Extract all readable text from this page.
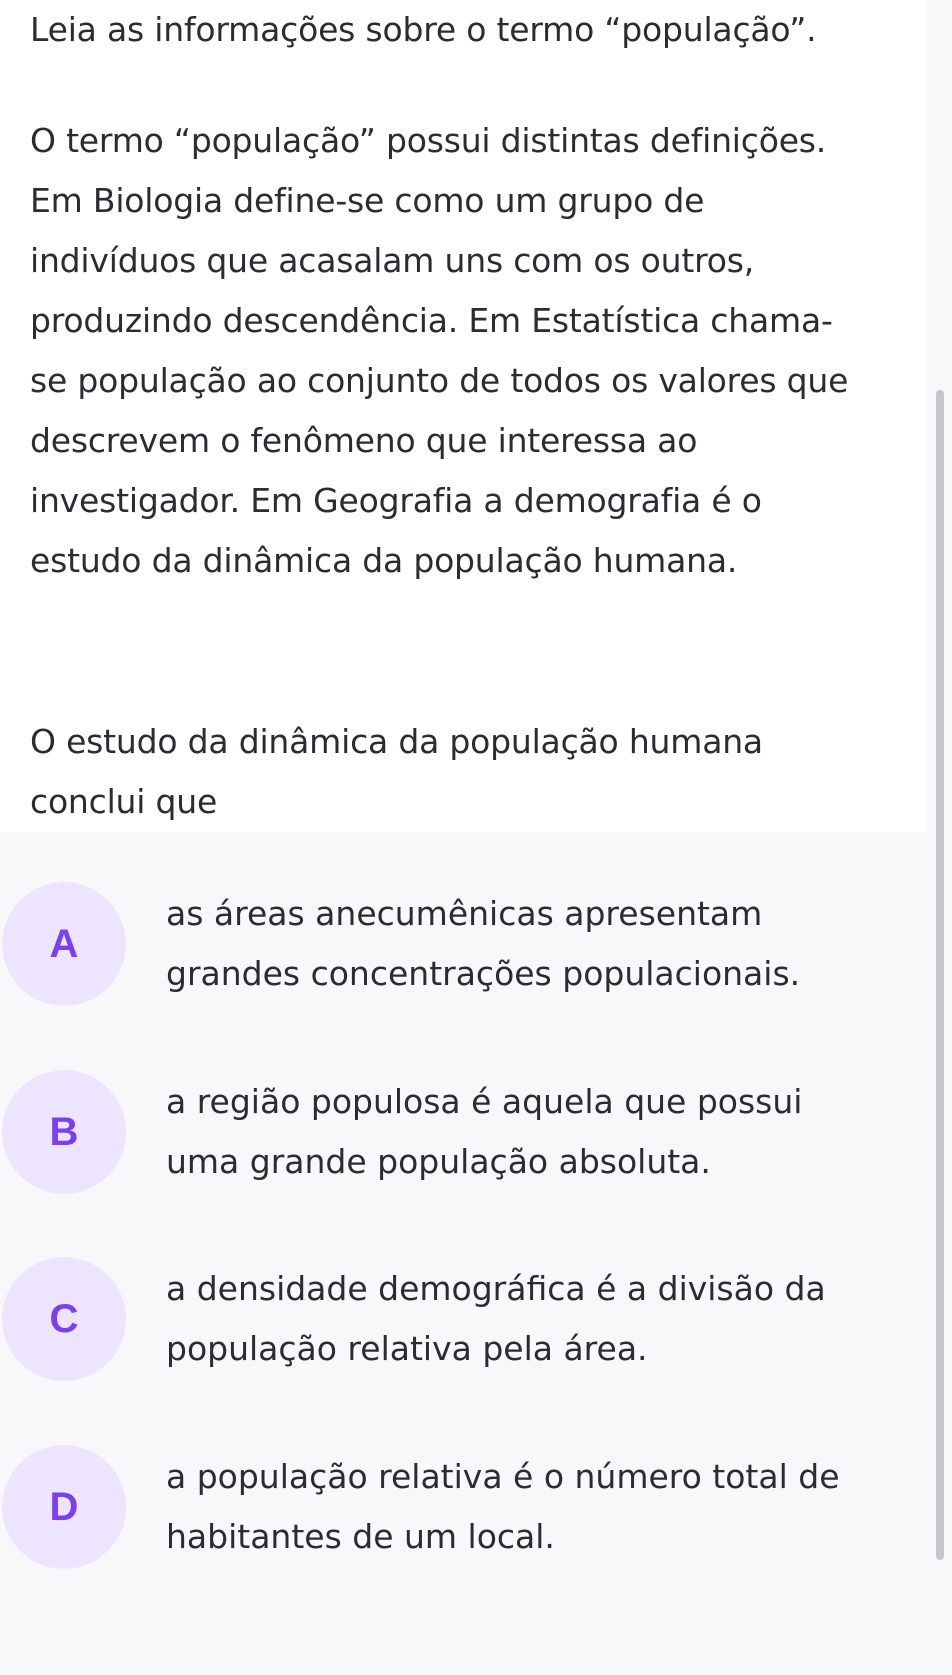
Leia as informações sobre o termo “população”.

O termo “população” possui distintas definições.
Em Biologia define-se como um grupo de
indivíduos que acasalam uns com os outros,
produzindo descendência. Em Estatística chama-
se população ao conjunto de todos os valores que
descrevem o fenômeno que interessa ao
investigador. Em Geografia a demografia é o
estudo da dinâmica da população humana.
O estudo da dinâmica da população humana
conclui que
A
as áreas anecumênicas apresentam
grandes concentrações populacionais.
B
a região populosa é aquela que possui
uma grande população absoluta.
C
a densidade demográfica é a divisão da
população relativa pela área.
D
a população relativa é o número total de
habitantes de um local.
